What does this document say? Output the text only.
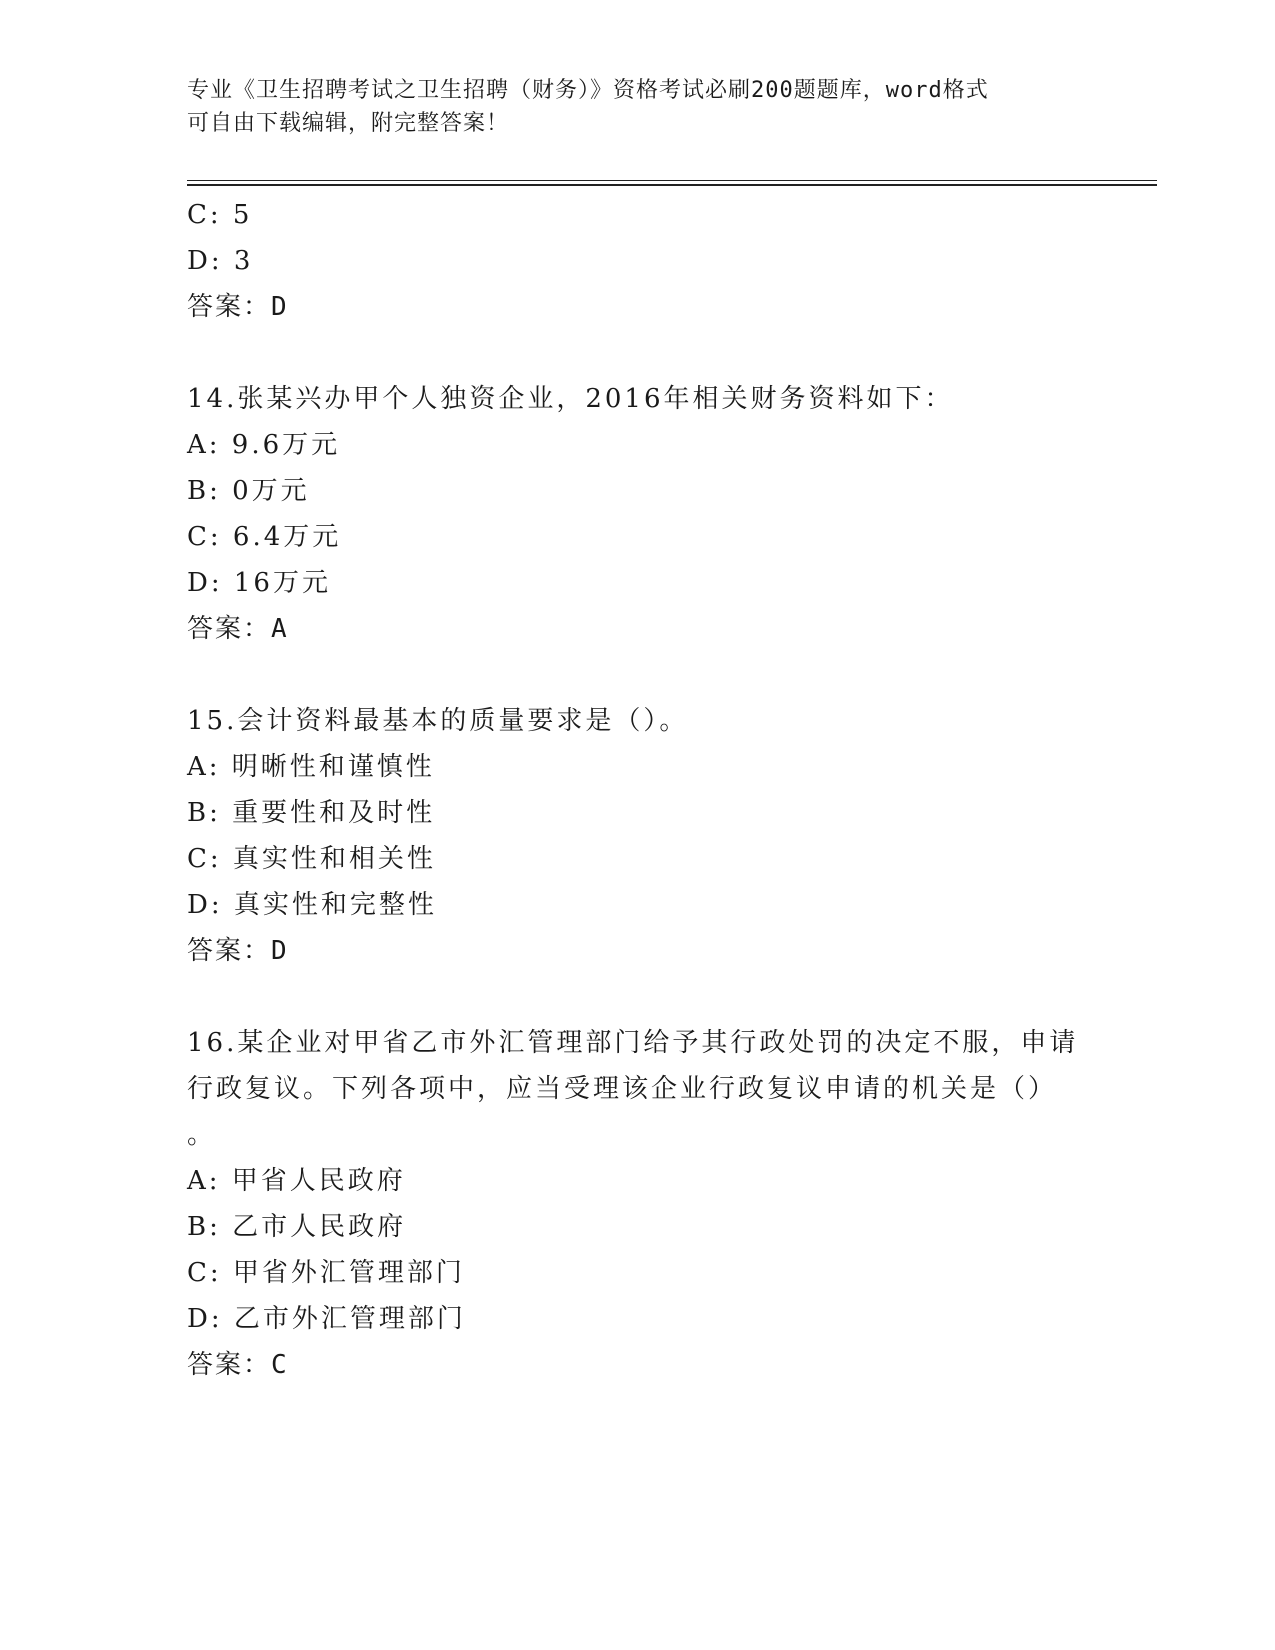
专业《卫生招聘考试之卫生招聘（财务）》资格考试必刷200题题库，word格式
可自由下载编辑，附完整答案！
C: 5
D: 3
答案：D
14.张某兴办甲个人独资企业，2016年相关财务资料如下：
A: 9.6万元
B: 0万元
C: 6.4万元
D: 16万元
答案：A
15.会计资料最基本的质量要求是（）。
A: 明晰性和谨慎性
B: 重要性和及时性
C: 真实性和相关性
D: 真实性和完整性
答案：D
16.某企业对甲省乙市外汇管理部门给予其行政处罚的决定不服，申请
行政复议。下列各项中，应当受理该企业行政复议申请的机关是（）
。
A: 甲省人民政府
B: 乙市人民政府
C: 甲省外汇管理部门
D: 乙市外汇管理部门
答案：C
